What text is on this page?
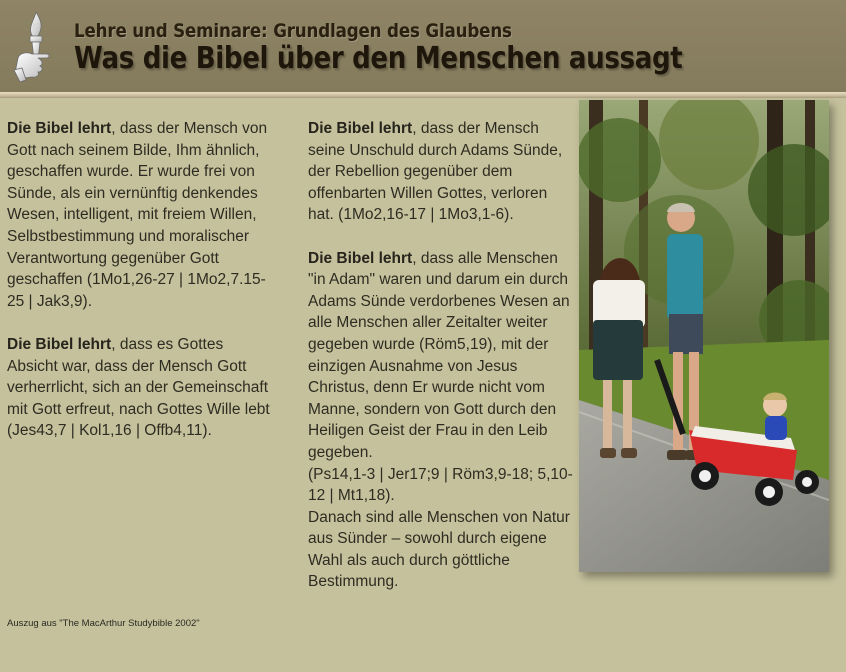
Lehre und Seminare: Grundlagen des Glaubens
Was die Bibel über den Menschen aussagt

Die Bibel lehrt, dass der Mensch von Gott nach seinem Bilde, Ihm ähnlich, geschaffen wurde. Er wurde frei von Sünde, als ein vernünftig denkendes Wesen, intelligent, mit freiem Willen, Selbstbestimmung und moralischer Verantwortung gegenüber Gott geschaffen (1Mo1,26-27 | 1Mo2,7.15-25 | Jak3,9).

Die Bibel lehrt, dass es Gottes Absicht war, dass der Mensch Gott verherrlicht, sich an der Gemeinschaft mit Gott erfreut, nach Gottes Wille lebt (Jes43,7 | Kol1,16 | Offb4,11).

Die Bibel lehrt, dass der Mensch seine Unschuld durch Adams Sünde, der Rebellion gegenüber dem offenbarten Willen Gottes, verloren hat. (1Mo2,16-17 | 1Mo3,1-6).

Die Bibel lehrt, dass alle Menschen "in Adam" waren und darum ein durch Adams Sünde verdorbenes Wesen an alle Menschen aller Zeitalter weiter gegeben wurde (Röm5,19), mit der einzigen Ausnahme von Jesus Christus, denn Er wurde nicht vom Manne, sondern von Gott durch den Heiligen Geist der Frau in den Leib gegeben.
(Ps14,1-3 | Jer17;9 | Röm3,9-18; 5,10-12 | Mt1,18).
Danach sind alle Menschen von Natur aus Sünder – sowohl durch eigene Wahl als auch durch göttliche Bestimmung.
Auszug aus "The MacArthur Studybible 2002"
